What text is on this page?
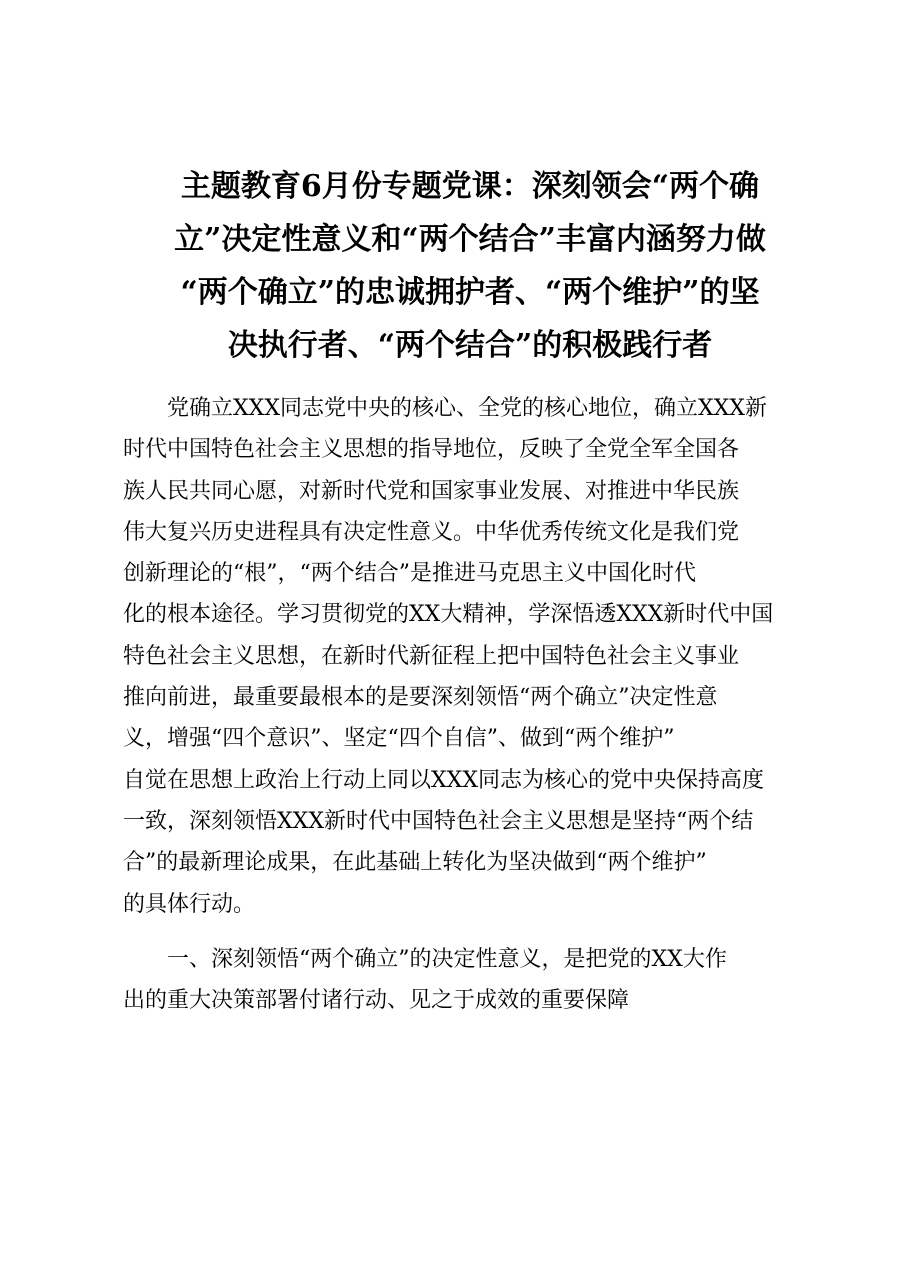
主题教育6月份专题党课：深刻领会“两个确
立”决定性意义和“两个结合”丰富内涵努力做
“两个确立”的忠诚拥护者、“两个维护”的坚
决执行者、“两个结合”的积极践行者
党确立XXX同志党中央的核心、全党的核心地位，确立XXX新
时代中国特色社会主义思想的指导地位，反映了全党全军全国各
族人民共同心愿，对新时代党和国家事业发展、对推进中华民族
伟大复兴历史进程具有决定性意义。中华优秀传统文化是我们党
创新理论的“根”，“两个结合”是推进马克思主义中国化时代
化的根本途径。学习贯彻党的XX大精神，学深悟透XXX新时代中国
特色社会主义思想，在新时代新征程上把中国特色社会主义事业
推向前进，最重要最根本的是要深刻领悟“两个确立”决定性意
义，增强“四个意识”、坚定“四个自信”、做到“两个维护”
自觉在思想上政治上行动上同以XXX同志为核心的党中央保持高度
一致，深刻领悟XXX新时代中国特色社会主义思想是坚持“两个结
合”的最新理论成果，在此基础上转化为坚决做到“两个维护”
的具体行动。
一、深刻领悟“两个确立”的决定性意义，是把党的XX大作
出的重大决策部署付诸行动、见之于成效的重要保障
